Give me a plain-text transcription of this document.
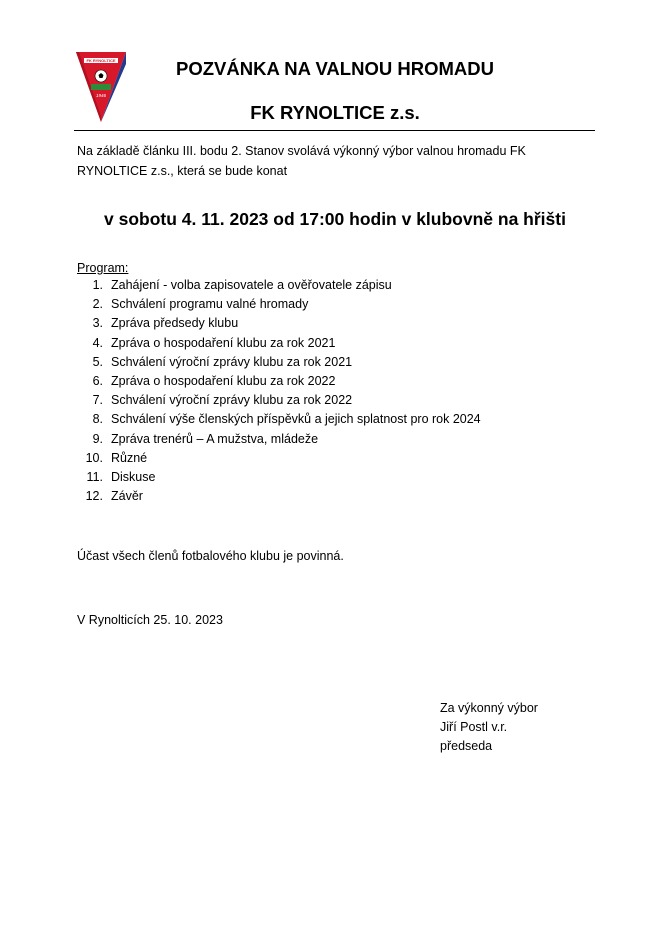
FK RYNOLTICE
1946
POZVÁNKA NA VALNOU HROMADU
FK RYNOLTICE z.s.
Na základě článku III. bodu 2. Stanov svolává výkonný výbor valnou hromadu FK RYNOLTICE z.s., která se bude konat
v sobotu 4. 11. 2023 od 17:00 hodin v klubovně na hřišti
Program:
1. Zahájení - volba zapisovatele a ověřovatele zápisu
2. Schválení programu valné hromady
3. Zpráva předsedy klubu
4. Zpráva o hospodaření klubu za rok 2021
5. Schválení výroční zprávy klubu za rok 2021
6. Zpráva o hospodaření klubu za rok 2022
7. Schválení výroční zprávy klubu za rok 2022
8. Schválení výše členských příspěvků a jejich splatnost pro rok 2024
9. Zpráva trenérů – A mužstva, mládeže
10. Různé
11. Diskuse
12. Závěr
Účast všech členů fotbalového klubu je povinná.
V Rynolticích 25. 10. 2023
Za výkonný výbor
Jiří Postl v.r.
předseda
